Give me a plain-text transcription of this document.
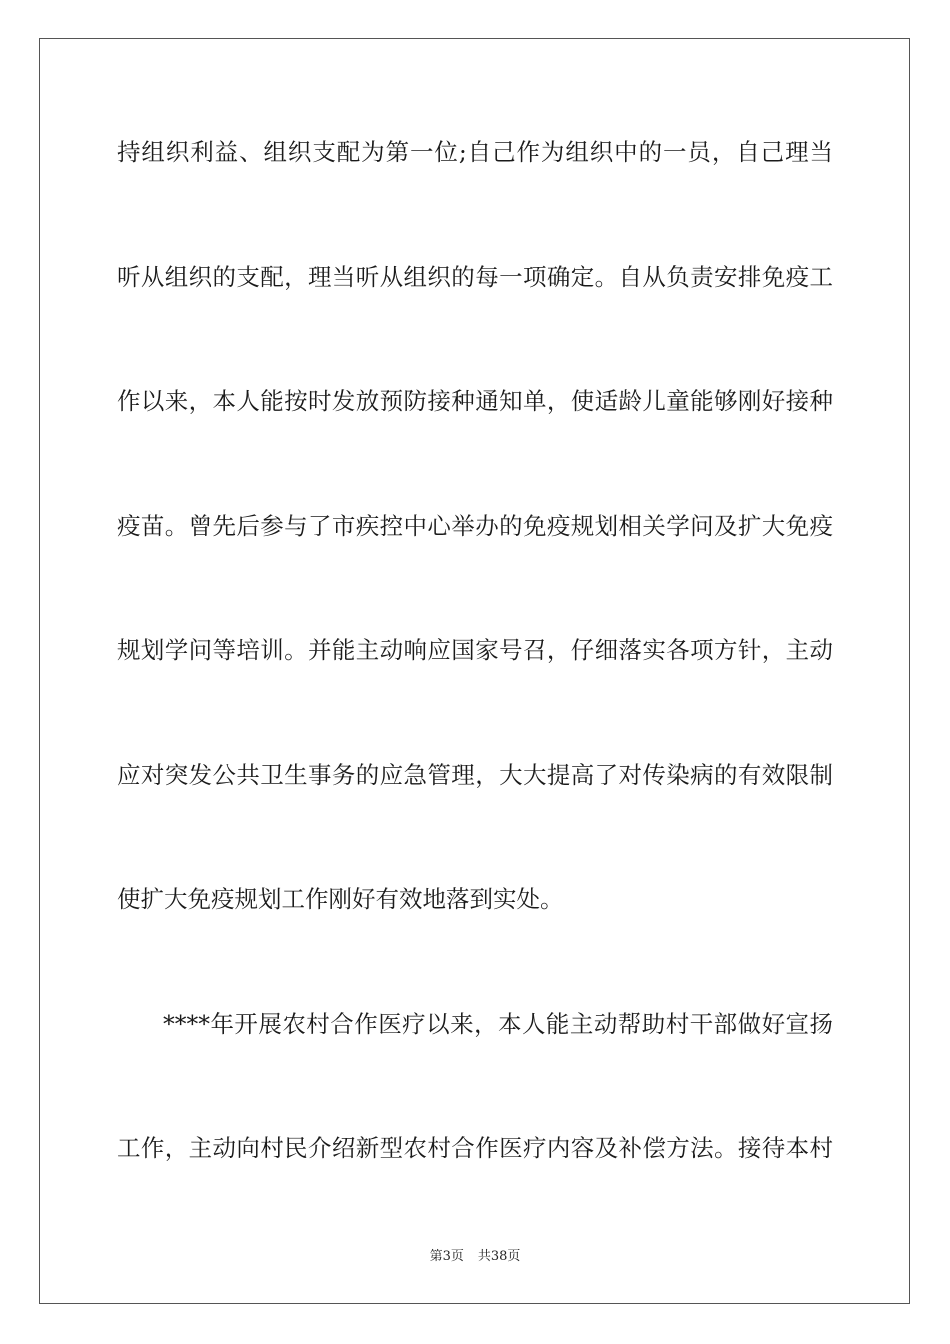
持组织利益、组织支配为第一位;自己作为组织中的一员，自己理当
听从组织的支配，理当听从组织的每一项确定。自从负责安排免疫工
作以来，本人能按时发放预防接种通知单，使适龄儿童能够刚好接种
疫苗。曾先后参与了市疾控中心举办的免疫规划相关学问及扩大免疫
规划学问等培训。并能主动响应国家号召，仔细落实各项方针，主动
应对突发公共卫生事务的应急管理，大大提高了对传染病的有效限制
使扩大免疫规划工作刚好有效地落到实处。
****年开展农村合作医疗以来，本人能主动帮助村干部做好宣扬
工作，主动向村民介绍新型农村合作医疗内容及补偿方法。接待本村
第3页 共38页
